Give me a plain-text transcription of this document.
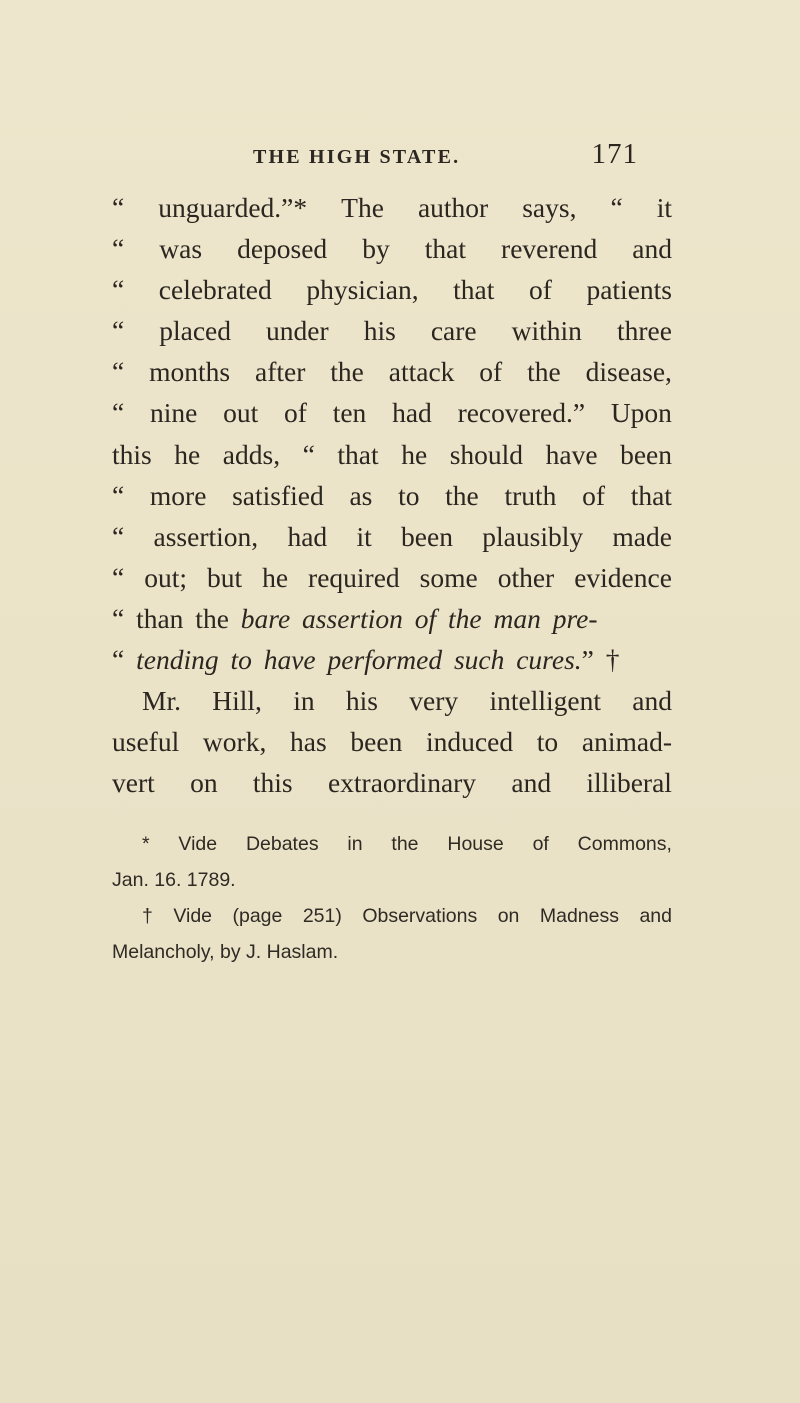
THE HIGH STATE.	171
“ unguarded.”* The author says, “ it
“ was deposed by that reverend and
“ celebrated physician, that of patients
“ placed under his care within three
“ months after the attack of the disease,
“ nine out of ten had recovered.” Upon
this he adds, “ that he should have been
“ more satisfied as to the truth of that
“ assertion, had it been plausibly made
“ out; but he required some other evidence
“ than the bare assertion of the man pre-
“ tending to have performed such cures. ” †
Mr. Hill, in his very intelligent and
useful work, has been induced to animad-
vert on this extraordinary and illiberal
* Vide Debates in the House of Commons,
Jan. 16. 1789.
† Vide (page 251) Observations on Madness and
Melancholy, by J. Haslam.
